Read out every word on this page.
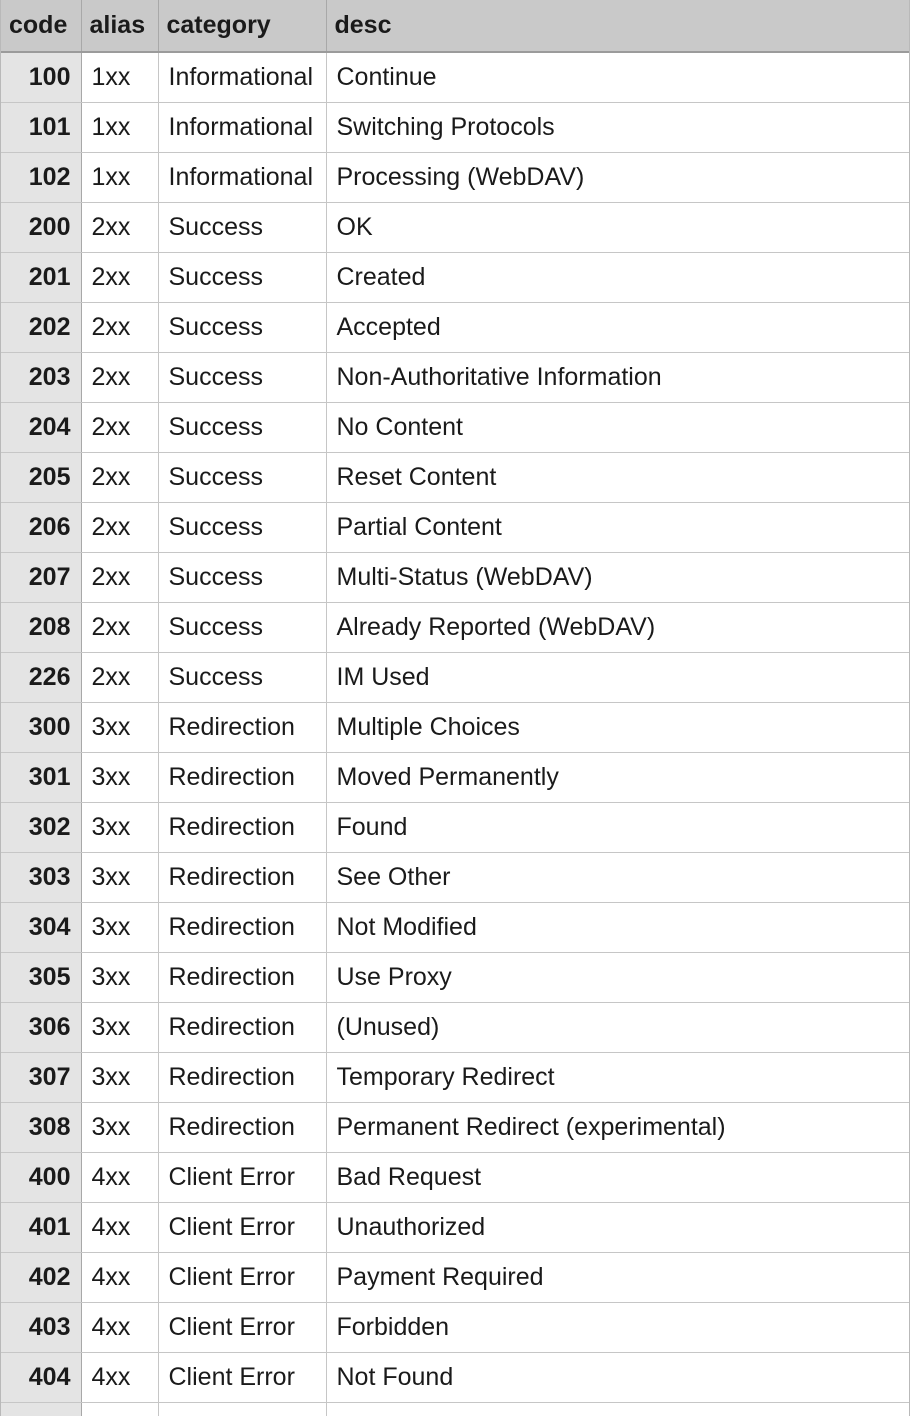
code	alias	category	desc
100	1xx	Informational	Continue
101	1xx	Informational	Switching Protocols
102	1xx	Informational	Processing (WebDAV)
200	2xx	Success	OK
201	2xx	Success	Created
202	2xx	Success	Accepted
203	2xx	Success	Non-Authoritative Information
204	2xx	Success	No Content
205	2xx	Success	Reset Content
206	2xx	Success	Partial Content
207	2xx	Success	Multi-Status (WebDAV)
208	2xx	Success	Already Reported (WebDAV)
226	2xx	Success	IM Used
300	3xx	Redirection	Multiple Choices
301	3xx	Redirection	Moved Permanently
302	3xx	Redirection	Found
303	3xx	Redirection	See Other
304	3xx	Redirection	Not Modified
305	3xx	Redirection	Use Proxy
306	3xx	Redirection	(Unused)
307	3xx	Redirection	Temporary Redirect
308	3xx	Redirection	Permanent Redirect (experimental)
400	4xx	Client Error	Bad Request
401	4xx	Client Error	Unauthorized
402	4xx	Client Error	Payment Required
403	4xx	Client Error	Forbidden
404	4xx	Client Error	Not Found
